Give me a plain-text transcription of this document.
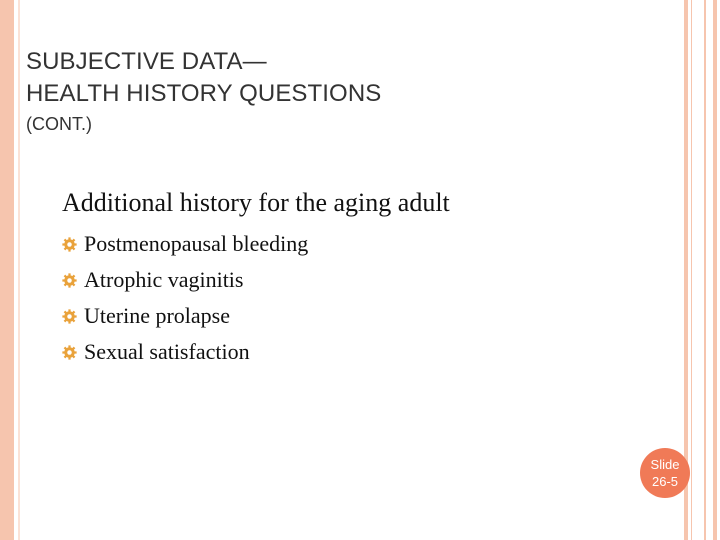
SUBJECTIVE DATA—
HEALTH HISTORY QUESTIONS
(CONT.)

Additional history for the aging adult

Postmenopausal bleeding
Atrophic vaginitis
Uterine prolapse
Sexual satisfaction
Slide
26-5
